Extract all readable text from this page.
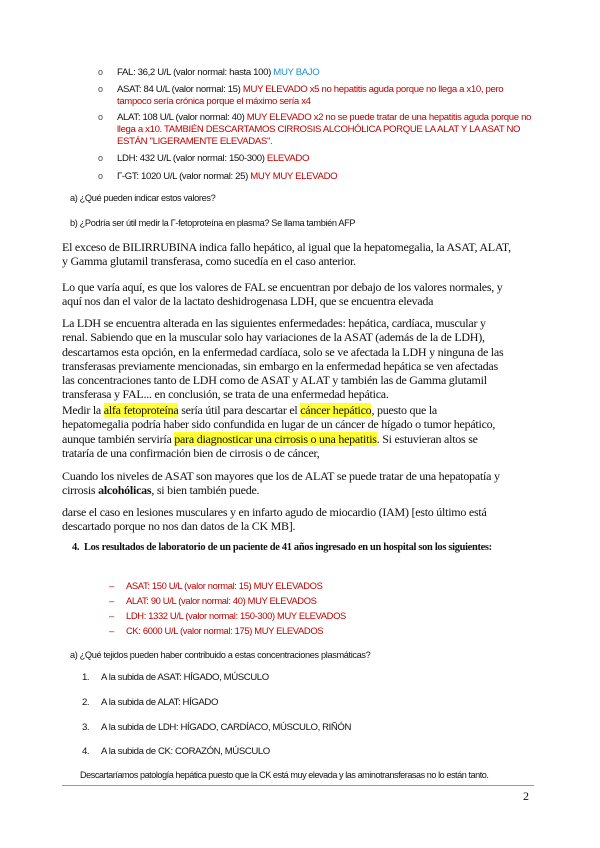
o FAL: 36,2 U/L (valor normal: hasta 100) MUY BAJO
o ASAT: 84 U/L (valor normal: 15) MUY ELEVADO x5 no hepatitis aguda porque no llega a x10, pero tampoco sería crónica porque el máximo sería x4
o ALAT: 108 U/L (valor normal: 40) MUY ELEVADO x2 no se puede tratar de una hepatitis aguda porque no llega a x10. TAMBIÉN DESCARTAMOS CIRROSIS ALCOHÓLICA PORQUE LA ALAT Y LA ASAT NO ESTÁN "LIGERAMENTE ELEVADAS".
o LDH: 432 U/L (valor normal: 150-300) ELEVADO
o Γ-GT: 1020 U/L (valor normal: 25) MUY MUY ELEVADO
a) ¿Qué pueden indicar estos valores?
b) ¿Podría ser útil medir la Γ-fetoproteína en plasma? Se llama también AFP
El exceso de BILIRRUBINA indica fallo hepático, al igual que la hepatomegalia, la ASAT, ALAT,
y Gamma glutamil transferasa, como sucedía en el caso anterior.
Lo que varía aquí, es que los valores de FAL se encuentran por debajo de los valores normales, y
aquí nos dan el valor de la lactato deshidrogenasa LDH, que se encuentra elevada
La LDH se encuentra alterada en las siguientes enfermedades: hepática, cardíaca, muscular y
renal. Sabiendo que en la muscular solo hay variaciones de la ASAT (además de la de LDH),
descartamos esta opción, en la enfermedad cardíaca, solo se ve afectada la LDH y ninguna de las
transferasas previamente mencionadas, sin embargo en la enfermedad hepática se ven afectadas
las concentraciones tanto de LDH como de ASAT y ALAT y también las de Gamma glutamil
transferasa y FAL... en conclusión, se trata de una enfermedad hepática.
Medir la alfa fetoproteína sería útil para descartar el cáncer hepático, puesto que la
hepatomegalia podría haber sido confundida en lugar de un cáncer de hígado o tumor hepático,
aunque también serviría para diagnosticar una cirrosis o una hepatitis. Si estuvieran altos se
trataría de una confirmación bien de cirrosis o de cáncer,
Cuando los niveles de ASAT son mayores que los de ALAT se puede tratar de una hepatopatía y
cirrosis alcohólicas, si bien también puede.
darse el caso en lesiones musculares y en infarto agudo de miocardio (IAM) [esto último está
descartado porque no nos dan datos de la CK MB].
4. Los resultados de laboratorio de un paciente de 41 años ingresado en un hospital son los siguientes:
– ASAT: 150 U/L (valor normal: 15) MUY ELEVADOS
– ALAT: 90 U/L (valor normal: 40) MUY ELEVADOS
– LDH: 1332 U/L (valor normal: 150-300) MUY ELEVADOS
– CK: 6000 U/L (valor normal: 175) MUY ELEVADOS
a) ¿Qué tejidos pueden haber contribuido a estas concentraciones plasmáticas?
1. A la subida de ASAT: HÍGADO, MÚSCULO
2. A la subida de ALAT: HÍGADO
3. A la subida de LDH: HÍGADO, CARDÍACO, MÚSCULO, RIÑÓN
4. A la subida de CK: CORAZÓN, MÚSCULO
Descartaríamos patología hepática puesto que la CK está muy elevada y las aminotransferasas no lo están tanto.
2
